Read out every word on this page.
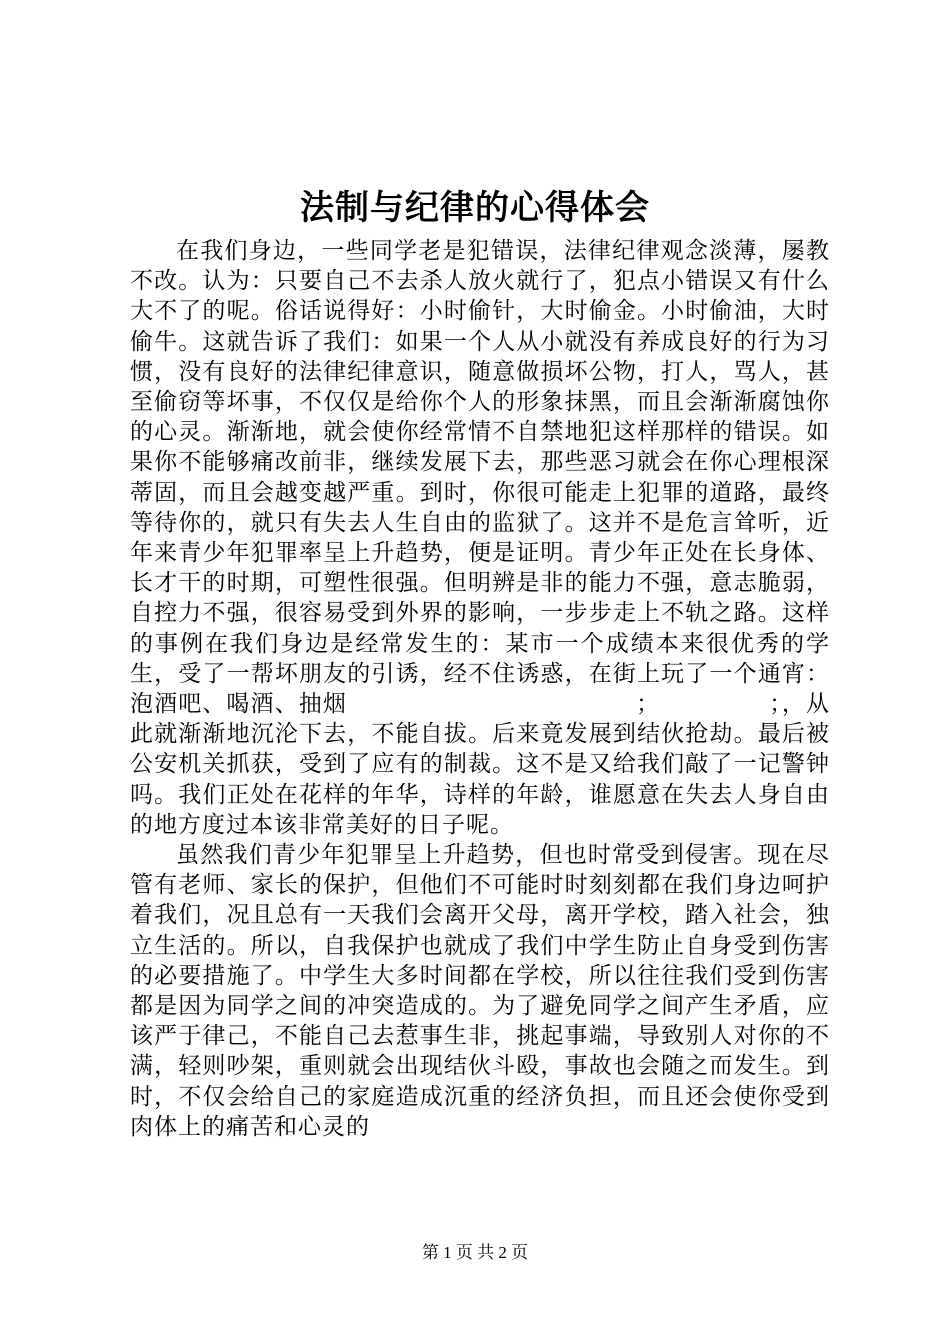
法制与纪律的心得体会

在我们身边，一些同学老是犯错误，法律纪律观念淡薄，屡教不改。认为：只要自己不去杀人放火就行了，犯点小错误又有什么大不了的呢。俗话说得好：小时偷针，大时偷金。小时偷油，大时偷牛。这就告诉了我们：如果一个人从小就没有养成良好的行为习惯，没有良好的法律纪律意识，随意做损坏公物，打人，骂人，甚至偷窃等坏事，不仅仅是给你个人的形象抹黑，而且会渐渐腐蚀你的心灵。渐渐地，就会使你经常情不自禁地犯这样那样的错误。如果你不能够痛改前非，继续发展下去，那些恶习就会在你心理根深蒂固，而且会越变越严重。到时，你很可能走上犯罪的道路，最终等待你的，就只有失去人生自由的监狱了。这并不是危言耸听，近年来青少年犯罪率呈上升趋势，便是证明。青少年正处在长身体、长才干的时期，可塑性很强。但明辨是非的能力不强，意志脆弱，自控力不强，很容易受到外界的影响，一步步走上不轨之路。这样的事例在我们身边是经常发生的：某市一个成绩本来很优秀的学生，受了一帮坏朋友的引诱，经不住诱惑，在街上玩了一个通宵：泡酒吧、喝酒、抽烟　　　　　　　　　　　　；　　　　　；，从此就渐渐地沉沦下去，不能自拔。后来竟发展到结伙抢劫。最后被公安机关抓获，受到了应有的制裁。这不是又给我们敲了一记警钟吗。我们正处在花样的年华，诗样的年龄，谁愿意在失去人身自由的地方度过本该非常美好的日子呢。

虽然我们青少年犯罪呈上升趋势，但也时常受到侵害。现在尽管有老师、家长的保护，但他们不可能时时刻刻都在我们身边呵护着我们，况且总有一天我们会离开父母，离开学校，踏入社会，独立生活的。所以，自我保护也就成了我们中学生防止自身受到伤害的必要措施了。中学生大多时间都在学校，所以往往我们受到伤害都是因为同学之间的冲突造成的。为了避免同学之间产生矛盾，应该严于律己，不能自己去惹事生非，挑起事端，导致别人对你的不满，轻则吵架，重则就会出现结伙斗殴，事故也会随之而发生。到时，不仅会给自己的家庭造成沉重的经济负担，而且还会使你受到肉体上的痛苦和心灵的

第 1 页 共 2 页
